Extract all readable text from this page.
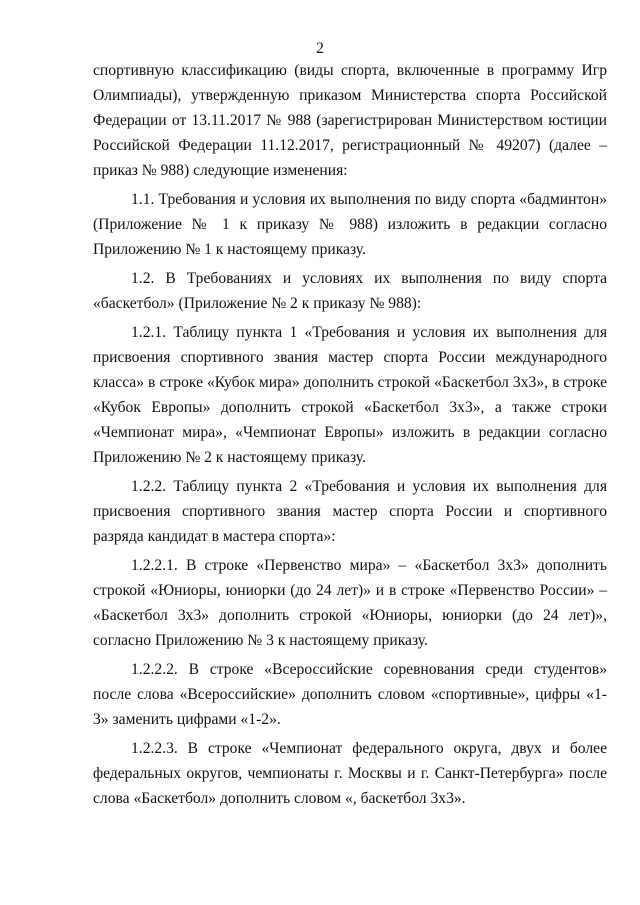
2

спортивную классификацию (виды спорта, включенные в программу Игр Олимпиады), утвержденную приказом Министерства спорта Российской Федерации от 13.11.2017 № 988 (зарегистрирован Министерством юстиции Российской Федерации 11.12.2017, регистрационный № 49207) (далее – приказ № 988) следующие изменения:

1.1. Требования и условия их выполнения по виду спорта «бадминтон» (Приложение № 1 к приказу № 988) изложить в редакции согласно Приложению № 1 к настоящему приказу.

1.2. В Требованиях и условиях их выполнения по виду спорта «баскетбол» (Приложение № 2 к приказу № 988):

1.2.1. Таблицу пункта 1 «Требования и условия их выполнения для присвоения спортивного звания мастер спорта России международного класса» в строке «Кубок мира» дополнить строкой «Баскетбол 3х3», в строке «Кубок Европы» дополнить строкой «Баскетбол 3х3», а также строки «Чемпионат мира», «Чемпионат Европы» изложить в редакции согласно Приложению № 2 к настоящему приказу.

1.2.2. Таблицу пункта 2 «Требования и условия их выполнения для присвоения спортивного звания мастер спорта России и спортивного разряда кандидат в мастера спорта»:

1.2.2.1. В строке «Первенство мира» – «Баскетбол 3х3» дополнить строкой «Юниоры, юниорки (до 24 лет)» и в строке «Первенство России» – «Баскетбол 3х3» дополнить строкой «Юниоры, юниорки (до 24 лет)», согласно Приложению № 3 к настоящему приказу.

1.2.2.2. В строке «Всероссийские соревнования среди студентов» после слова «Всероссийские» дополнить словом «спортивные», цифры «1-3» заменить цифрами «1-2».

1.2.2.3. В строке «Чемпионат федерального округа, двух и более федеральных округов, чемпионаты г. Москвы и г. Санкт-Петербурга» после слова «Баскетбол» дополнить словом «, баскетбол 3х3».
